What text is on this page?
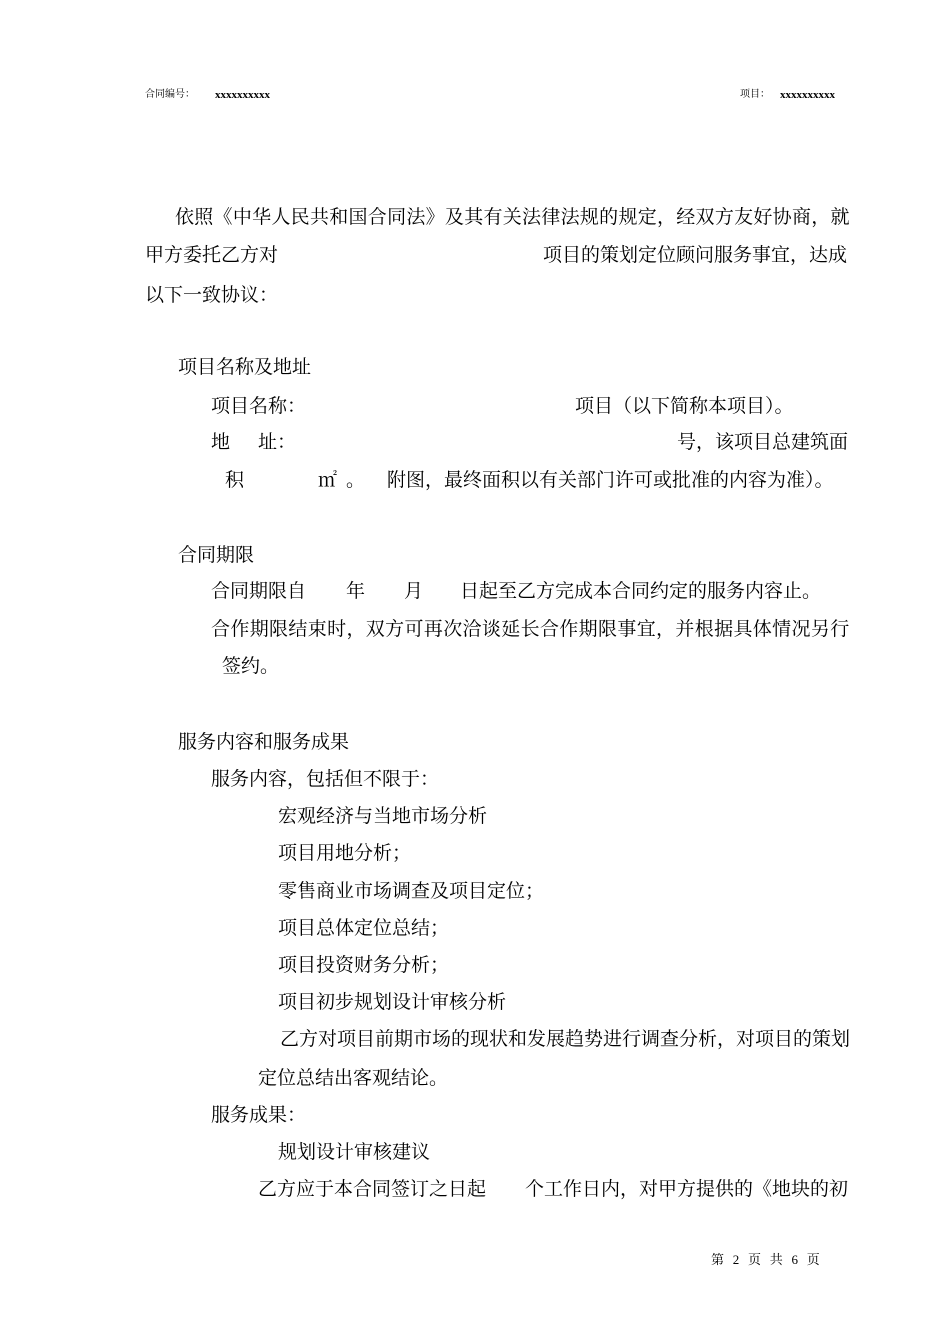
合同编号： xxxxxxxxxx	项目： xxxxxxxxxx
依照《中华人民共和国合同法》及其有关法律法规的规定，经双方友好协商，就
甲方委托乙方对	项目的策划定位顾问服务事宜，达成
以下一致协议：
项目名称及地址
项目名称：	项目 （以下简称本项目）。
地 址：	号，该项目总建筑面
积	㎡ 。 附图，最终面积以有关部门许可或批准的内容为准）。
合同期限
合同期限自 年 月 日起至乙方完成本合同约定的服务内容止。
合作期限结束时，双方可再次洽谈延长合作期限事宜，并根据具体情况另行
签约。
服务内容和服务成果
服务内容，包括但不限于：
宏观经济与当地市场分析
项目用地分析；
零售商业市场调查及项目定位；
项目总体定位总结；
项目投资财务分析；
项目初步规划设计审核分析
乙方对项目前期市场的现状和发展趋势进行调查分析，对项目的策划
定位总结出客观结论。
服务成果：
规划设计审核建议
乙方应于本合同签订之日起 个工作日内，对甲方提供的《地块的初
第 2 页 共 6 页
